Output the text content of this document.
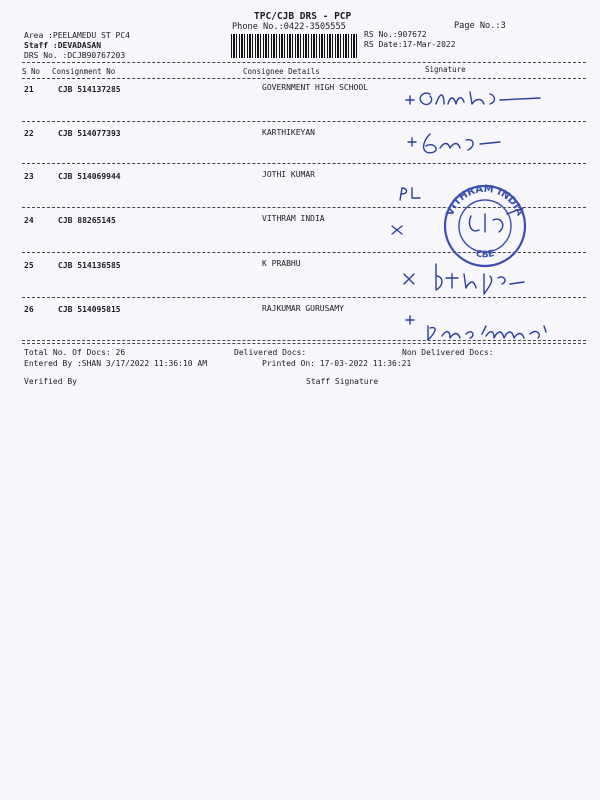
TPC/CJB DRS - PCP
Phone No.:0422-3505555	Page No.:3
Area :PEELAMEDU ST PC4
Staff :DEVADASAN
DRS No. :DCJB90767203
RS No.:907672
RS Date:17-Mar-2022
S No Consignment No	Consignee Details	Signature
21	CJB 514137285	GOVERNMENT HIGH SCHOOL
22	CJB 514077393	KARTHIKEYAN
23	CJB 514069944	JOTHI KUMAR
24	CJB 88265145	VITHRAM INDIA
25	CJB 514136585	K PRABHU
26	CJB 514095815	RAJKUMAR GURUSAMY
Total No. Of Docs: 26	Delivered Docs:	Non Delivered Docs:
Entered By :SHAN 3/17/2022 11:36:10 AM	Printed On: 17-03-2022 11:36:21
Verified By	Staff Signature
VITHRAM INDIA
CBE
